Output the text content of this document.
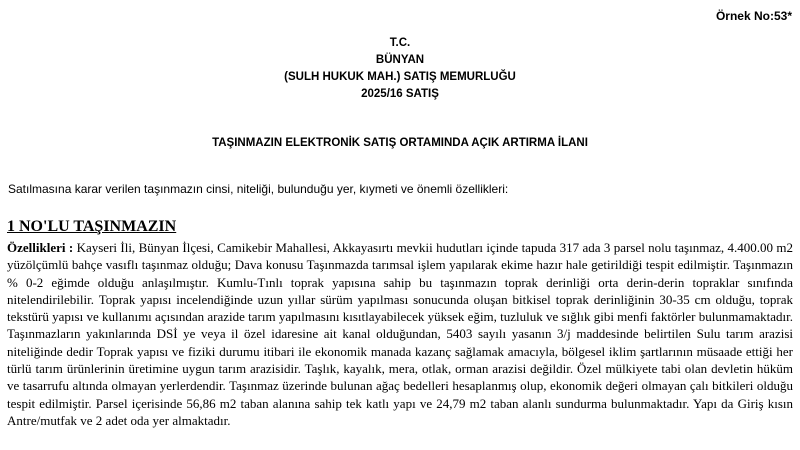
Örnek No:53*
T.C.
BÜNYAN
(SULH HUKUK MAH.) SATIŞ MEMURLUĞU
2025/16 SATIŞ
TAŞINMAZIN ELEKTRONİK SATIŞ ORTAMINDA AÇIK ARTIRMA İLANI
Satılmasına karar verilen taşınmazın cinsi, niteliği, bulunduğu yer, kıymeti ve önemli özellikleri:
1 NO'LU TAŞINMAZIN
Özellikleri : Kayseri İli, Bünyan İlçesi, Camikebir Mahallesi, Akkayasırtı mevkii hudutları içinde tapuda 317 ada 3 parsel nolu taşınmaz, 4.400.00 m2 yüzölçümlü bahçe vasıflı taşınmaz olduğu; Dava konusu Taşınmazda tarımsal işlem yapılarak ekime hazır hale getirildiği tespit edilmiştir. Taşınmazın % 0-2 eğimde olduğu anlaşılmıştır. Kumlu-Tınlı toprak yapısına sahip bu taşınmazın toprak derinliği orta derin-derin topraklar sınıfında nitelendirilebilir. Toprak yapısı incelendiğinde uzun yıllar sürüm yapılması sonucunda oluşan bitkisel toprak derinliğinin 30-35 cm olduğu, toprak tekstürü yapısı ve kullanımı açısından arazide tarım yapılmasını kısıtlayabilecek yüksek eğim, tuzluluk ve sığlık gibi menfi faktörler bulunmamaktadır. Taşınmazların yakınlarında DSİ ye veya il özel idaresine ait kanal olduğundan, 5403 sayılı yasanın 3/j maddesinde belirtilen Sulu tarım arazisi niteliğinde dedir Toprak yapısı ve fiziki durumu itibari ile ekonomik manada kazanç sağlamak amacıyla, bölgesel iklim şartlarının müsaade ettiği her türlü tarım ürünlerinin üretimine uygun tarım arazisidir. Taşlık, kayalık, mera, otlak, orman arazisi değildir. Özel mülkiyete tabi olan devletin hüküm ve tasarrufu altında olmayan yerlerdendir. Taşınmaz üzerinde bulunan ağaç bedelleri hesaplanmış olup, ekonomik değeri olmayan çalı bitkileri olduğu tespit edilmiştir. Parsel içerisinde 56,86 m2 taban alanına sahip tek katlı yapı ve 24,79 m2 taban alanlı sundurma bulunmaktadır. Yapı da Giriş kısın Antre/mutfak ve 2 adet oda yer almaktadır.
